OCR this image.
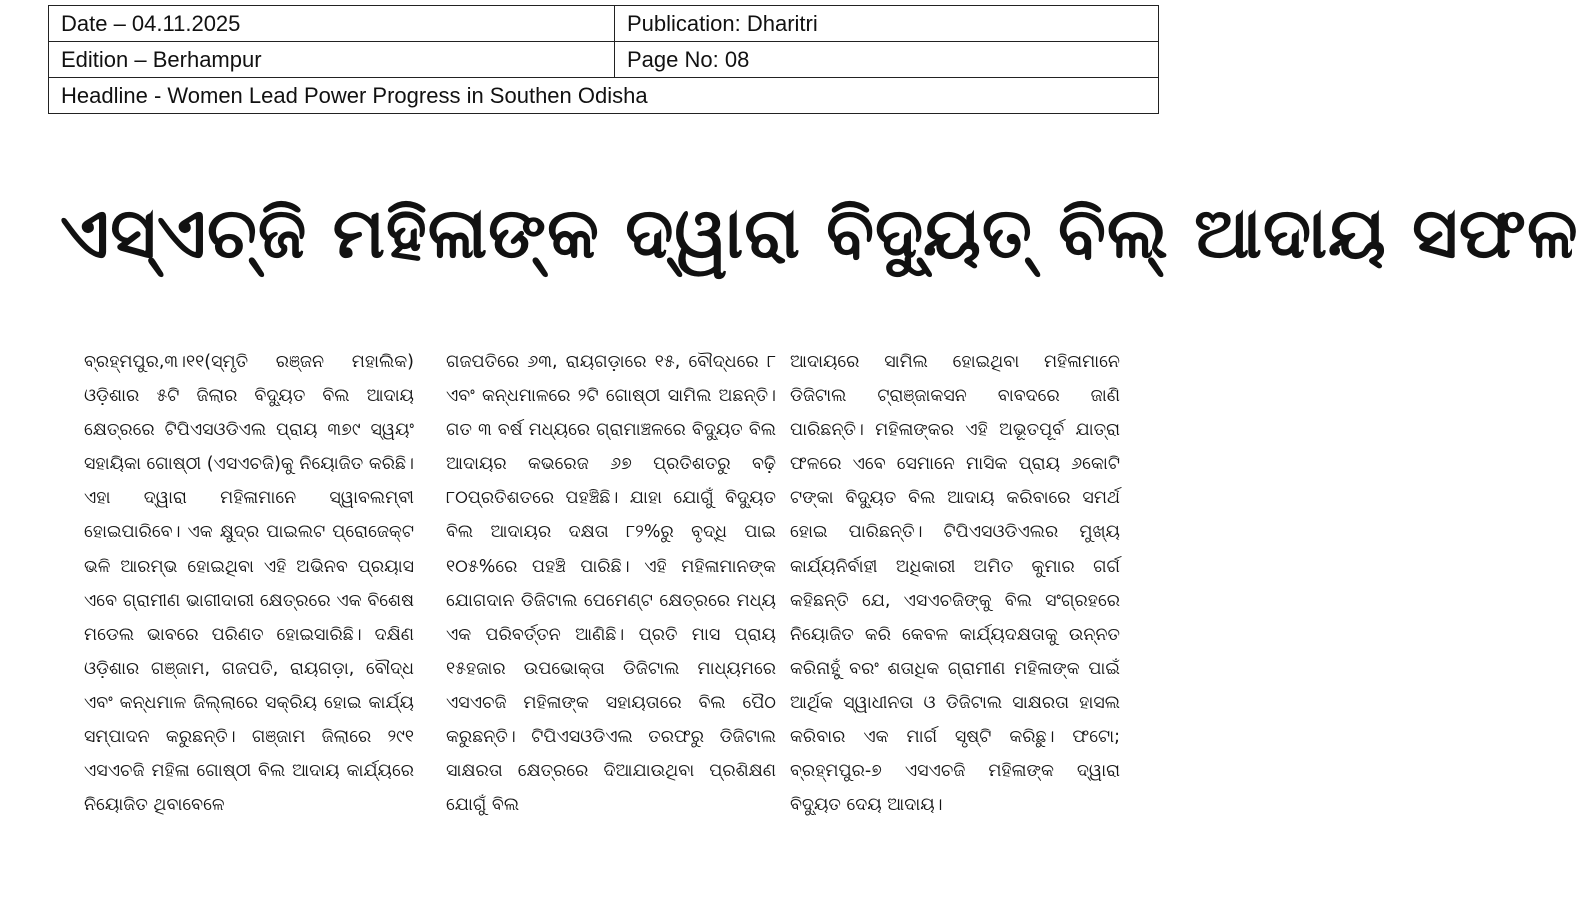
Date – 04.11.2025	Publication: Dharitri
Edition – Berhampur	Page No: 08
Headline - Women Lead Power Progress in Southen Odisha	
ଏସ୍‌ଏଚ୍‌ଜି ମହିଳାଙ୍କ ଦ୍ୱାରା ବିଦ୍ୟୁତ୍‌ ବିଲ୍‌ ଆଦାୟ ସଫଳ
ବ୍ରହ୍ମପୁର,୩।୧୧(ସ୍ମୃତି ରଞ୍ଜନ ମହାଲିକ) ଓଡ଼ିଶାର ୫ଟି ଜିଲାର ବିଦ୍ୟୁତ ବିଲ ଆଦାୟ କ୍ଷେତ୍ରରେ ଟିପିଏସଓଡିଏଲ ପ୍ରାୟ ୩୭୯ ସ୍ୱୟଂ ସହାୟିକା ଗୋଷ୍ଠୀ (ଏସଏଚଜି)କୁ ନିୟୋଜିତ କରିଛି। ଏହା ଦ୍ୱାରା ମହିଳାମାନେ ସ୍ୱାବଲମ୍ବୀ ହୋଇପାରିବେ। ଏକ କ୍ଷୁଦ୍ର ପାଇଲଟ ପ୍ରୋଜେକ୍ଟ ଭଳି ଆରମ୍ଭ ହୋଇଥିବା ଏହି ଅଭିନବ ପ୍ରୟାସ ଏବେ ଗ୍ରାମୀଣ ଭାଗୀଦାରୀ କ୍ଷେତ୍ରରେ ଏକ ବିଶେଷ ମଡେଲ ଭାବରେ ପରିଣତ ହୋଇସାରିଛି। ଦକ୍ଷିଣ ଓଡ଼ିଶାର ଗଞ୍ଜାମ, ଗଜପତି, ରାୟଗଡ଼ା, ବୌଦ୍ଧ ଏବଂ କନ୍ଧମାଳ ଜିଲ୍ଲାରେ ସକ୍ରିୟ ହୋଇ କାର୍ଯ୍ୟ ସମ୍ପାଦନ କରୁଛନ୍ତି। ଗଞ୍ଜାମ ଜିଲାରେ ୨୯୧ ଏସଏଚଜି ମହିଳା ଗୋଷ୍ଠୀ ବିଲ ଆଦାୟ କାର୍ଯ୍ୟରେ ନିୟୋଜିତ ଥିବାବେଳେ
ଗଜପତିରେ ୬୩, ରାୟଗଡ଼ାରେ ୧୫, ବୌଦ୍ଧରେ ୮ ଏବଂ କନ୍ଧମାଳରେ ୨ଟି ଗୋଷ୍ଠୀ ସାମିଲ ଅଛନ୍ତି। ଗତ ୩ ବର୍ଷ ମଧ୍ୟରେ ଗ୍ରାମାଞ୍ଚଳରେ ବିଦ୍ୟୁତ ବିଲ ଆଦାୟର କଭରେଜ ୬୭ ପ୍ରତିଶତରୁ ବଢ଼ି ୮୦ପ୍ରତିଶତରେ ପହଞ୍ଚିଛି। ଯାହା ଯୋଗୁଁ ବିଦ୍ୟୁତ ବିଲ ଆଦାୟର ଦକ୍ଷତା ୮୨%ରୁ ବୃଦ୍ଧି ପାଇ ୧୦୫%ରେ ପହଞ୍ଚି ପାରିଛି। ଏହି ମହିଳାମାନଙ୍କ ଯୋଗଦାନ ଡିଜିଟାଲ ପେମେଣ୍ଟ କ୍ଷେତ୍ରରେ ମଧ୍ୟ ଏକ ପରିବର୍ତ୍ତନ ଆଣିଛି। ପ୍ରତି ମାସ ପ୍ରାୟ ୧୫ହଜାର ଉପଭୋକ୍ତା ଡିଜିଟାଲ ମାଧ୍ୟମରେ ଏସଏଚଜି ମହିଳାଙ୍କ ସହାୟତାରେ ବିଲ ପୈଠ କରୁଛନ୍ତି। ଟିପିଏସଓଡିଏଲ ତରଫରୁ ଡିଜିଟାଲ ସାକ୍ଷରତା କ୍ଷେତ୍ରରେ ଦିଆଯାଉଥିବା ପ୍ରଶିକ୍ଷଣ ଯୋଗୁଁ ବିଲ
ଆଦାୟରେ ସାମିଲ ହୋଇଥିବା ମହିଳାମାନେ ଡିଜିଟାଲ ଟ୍ରାଞ୍ଜାକସନ ବାବଦରେ ଜାଣି ପାରିଛନ୍ତି। ମହିଳାଙ୍କର ଏହି ଅଭୂତପୂର୍ବ ଯାତ୍ରା ଫଳରେ ଏବେ ସେମାନେ ମାସିକ ପ୍ରାୟ ୬କୋଟି ଟଙ୍କା ବିଦ୍ୟୁତ ବିଲ ଆଦାୟ କରିବାରେ ସମର୍ଥ ହୋଇ ପାରିଛନ୍ତି। ଟିପିଏସଓଡିଏଲର ମୁଖ୍ୟ କାର୍ଯ୍ୟନିର୍ବାହୀ ଅଧିକାରୀ ଅମିତ କୁମାର ଗର୍ଗ କହିଛନ୍ତି ଯେ, ଏସଏଚଜିଙ୍କୁ ବିଲ ସଂଗ୍ରହରେ ନିୟୋଜିତ କରି କେବଳ କାର୍ଯ୍ୟଦକ୍ଷତାକୁ ଉନ୍ନତ କରିନାହୁଁ ବରଂ ଶତାଧିକ ଗ୍ରାମୀଣ ମହିଳାଙ୍କ ପାଇଁ ଆର୍ଥିକ ସ୍ୱାଧୀନତା ଓ ଡିଜିଟାଲ ସାକ୍ଷରତା ହାସଲ କରିବାର ଏକ ମାର୍ଗ ସୃଷ୍ଟି କରିଛୁ। ଫଟୋ; ବ୍ରହ୍ମପୁର-୭ ଏସଏଚଜି ମହିଳାଙ୍କ ଦ୍ୱାରା ବିଦ୍ୟୁତ ଦେୟ ଆଦାୟ।
